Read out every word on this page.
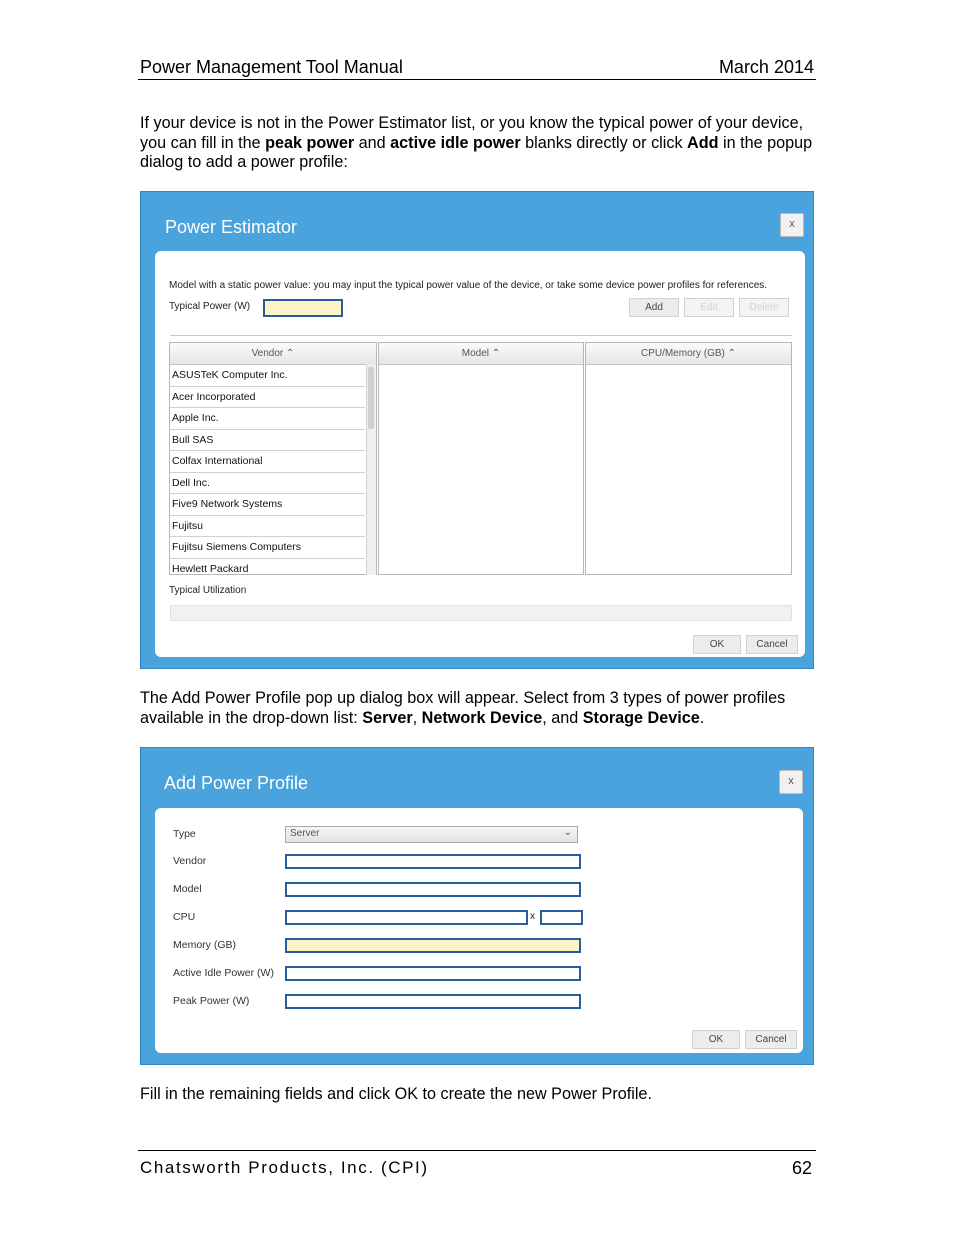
Power Management Tool Manual	March 2014
If your device is not in the Power Estimator list, or you know the typical power of your device, you can fill in the peak power and active idle power blanks directly or click Add in the popup dialog to add a power profile:
Power Estimator	x
Model with a static power value: you may input the typical power value of the device, or take some device power profiles for references.
Typical Power (W)	Add	Edit	Delete
Vendor ⌃
ASUSTeK Computer Inc.
Acer Incorporated
Apple Inc.
Bull SAS
Colfax International
Dell Inc.
Five9 Network Systems
Fujitsu
Fujitsu Siemens Computers
Hewlett Packard
Model ⌃	CPU/Memory (GB) ⌃
Typical Utilization
OK	Cancel
The Add Power Profile pop up dialog box will appear. Select from 3 types of power profiles available in the drop-down list: Server, Network Device, and Storage Device.
Add Power Profile	x
Type	Server	⌄
Vendor
Model
CPU	x
Memory (GB)
Active Idle Power (W)
Peak Power (W)
OK	Cancel
Fill in the remaining fields and click OK to create the new Power Profile.
Chatsworth Products, Inc. (CPI)	62
